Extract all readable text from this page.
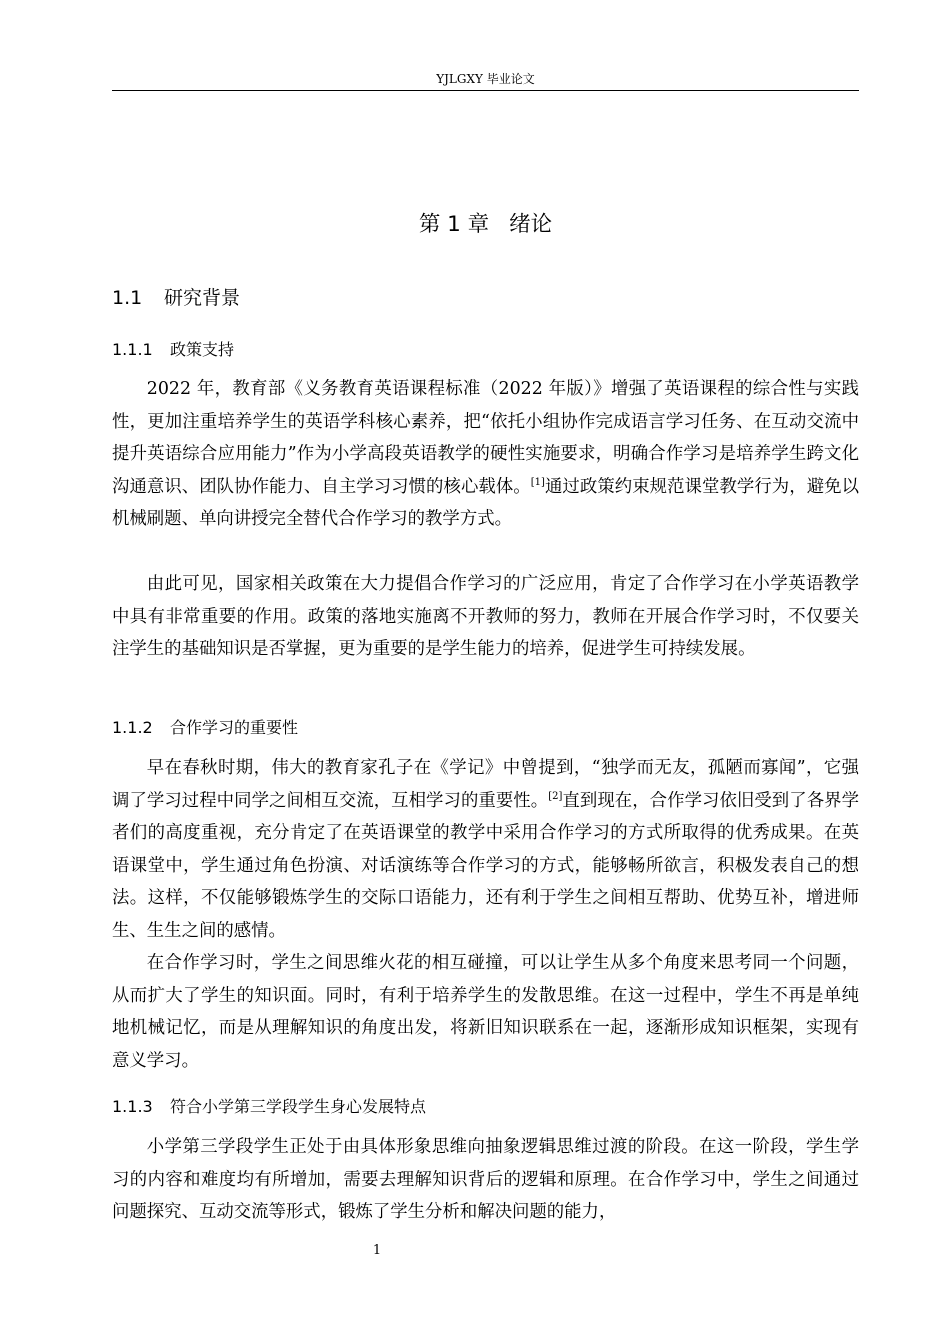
YJLGXY 毕业论文
第 1 章 绪论
1.1 研究背景
1.1.1 政策支持

2022 年，教育部《义务教育英语课程标准（2022 年版）》增强了英语课程的综合性与实践性，更加注重培养学生的英语学科核心素养，把“依托小组协作完成语言学习任务、在互动交流中提升英语综合应用能力”作为小学高段英语教学的硬性实施要求，明确合作学习是培养学生跨文化沟通意识、团队协作能力、自主学习习惯的核心载体。[1]通过政策约束规范课堂教学行为，避免以机械刷题、单向讲授完全替代合作学习的教学方式。

由此可见，国家相关政策在大力提倡合作学习的广泛应用，肯定了合作学习在小学英语教学中具有非常重要的作用。政策的落地实施离不开教师的努力，教师在开展合作学习时，不仅要关注学生的基础知识是否掌握，更为重要的是学生能力的培养，促进学生可持续发展。

1.1.2 合作学习的重要性

早在春秋时期，伟大的教育家孔子在《学记》中曾提到，“独学而无友，孤陋而寡闻”，它强调了学习过程中同学之间相互交流，互相学习的重要性。[2]直到现在，合作学习依旧受到了各界学者们的高度重视，充分肯定了在英语课堂的教学中采用合作学习的方式所取得的优秀成果。在英语课堂中，学生通过角色扮演、对话演练等合作学习的方式，能够畅所欲言，积极发表自己的想法。这样，不仅能够锻炼学生的交际口语能力，还有利于学生之间相互帮助、优势互补，增进师生、生生之间的感情。

在合作学习时，学生之间思维火花的相互碰撞，可以让学生从多个角度来思考同一个问题，从而扩大了学生的知识面。同时，有利于培养学生的发散思维。在这一过程中，学生不再是单纯地机械记忆，而是从理解知识的角度出发，将新旧知识联系在一起，逐渐形成知识框架，实现有意义学习。

1.1.3 符合小学第三学段学生身心发展特点

小学第三学段学生正处于由具体形象思维向抽象逻辑思维过渡的阶段。在这一阶段，学生学习的内容和难度均有所增加，需要去理解知识背后的逻辑和原理。在合作学习中，学生之间通过问题探究、互动交流等形式，锻炼了学生分析和解决问题的能力，

1
